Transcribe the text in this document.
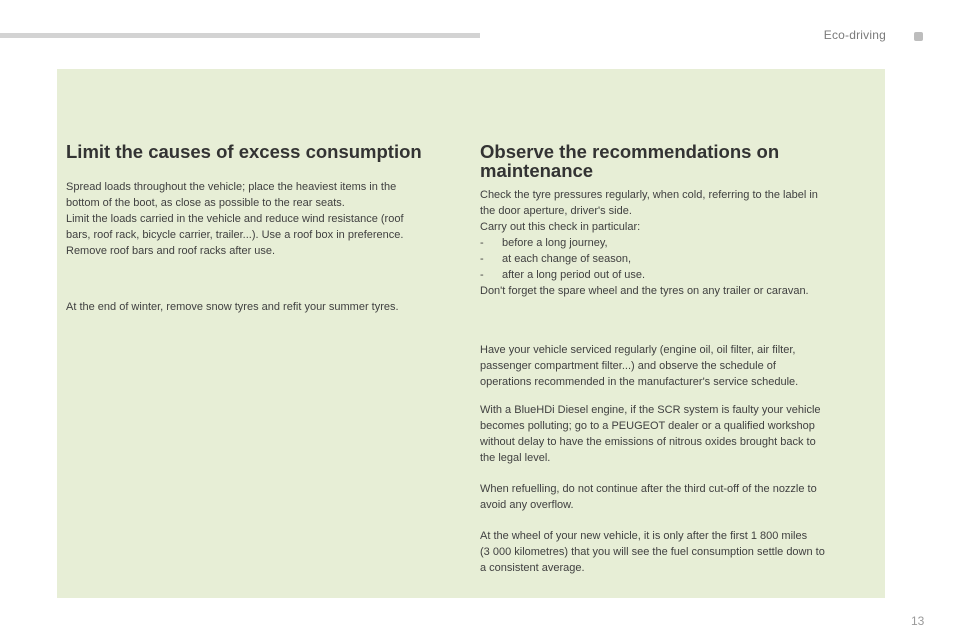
Eco-driving
Limit the causes of excess consumption

Spread loads throughout the vehicle; place the heaviest items in the

bottom of the boot, as close as possible to the rear seats.

Limit the loads carried in the vehicle and reduce wind resistance (roof

bars, roof rack, bicycle carrier, trailer...). Use a roof box in preference.

Remove roof bars and roof racks after use.

At the end of winter, remove snow tyres and refit your summer tyres.

Observe the recommendations on
maintenance

Check the tyre pressures regularly, when cold, referring to the label in

the door aperture, driver's side.

Carry out this check in particular:

-	before a long journey,
-	at each change of season,
-	after a long period out of use.

Don't forget the spare wheel and the tyres on any trailer or caravan.

Have your vehicle serviced regularly (engine oil, oil filter, air filter,

passenger compartment filter...) and observe the schedule of

operations recommended in the manufacturer's service schedule.

With a BlueHDi Diesel engine, if the SCR system is faulty your vehicle

becomes polluting; go to a PEUGEOT dealer or a qualified workshop

without delay to have the emissions of nitrous oxides brought back to

the legal level.

When refuelling, do not continue after the third cut-off of the nozzle to

avoid any overflow.

At the wheel of your new vehicle, it is only after the first 1 800 miles

(3 000 kilometres) that you will see the fuel consumption settle down to

a consistent average.

13
